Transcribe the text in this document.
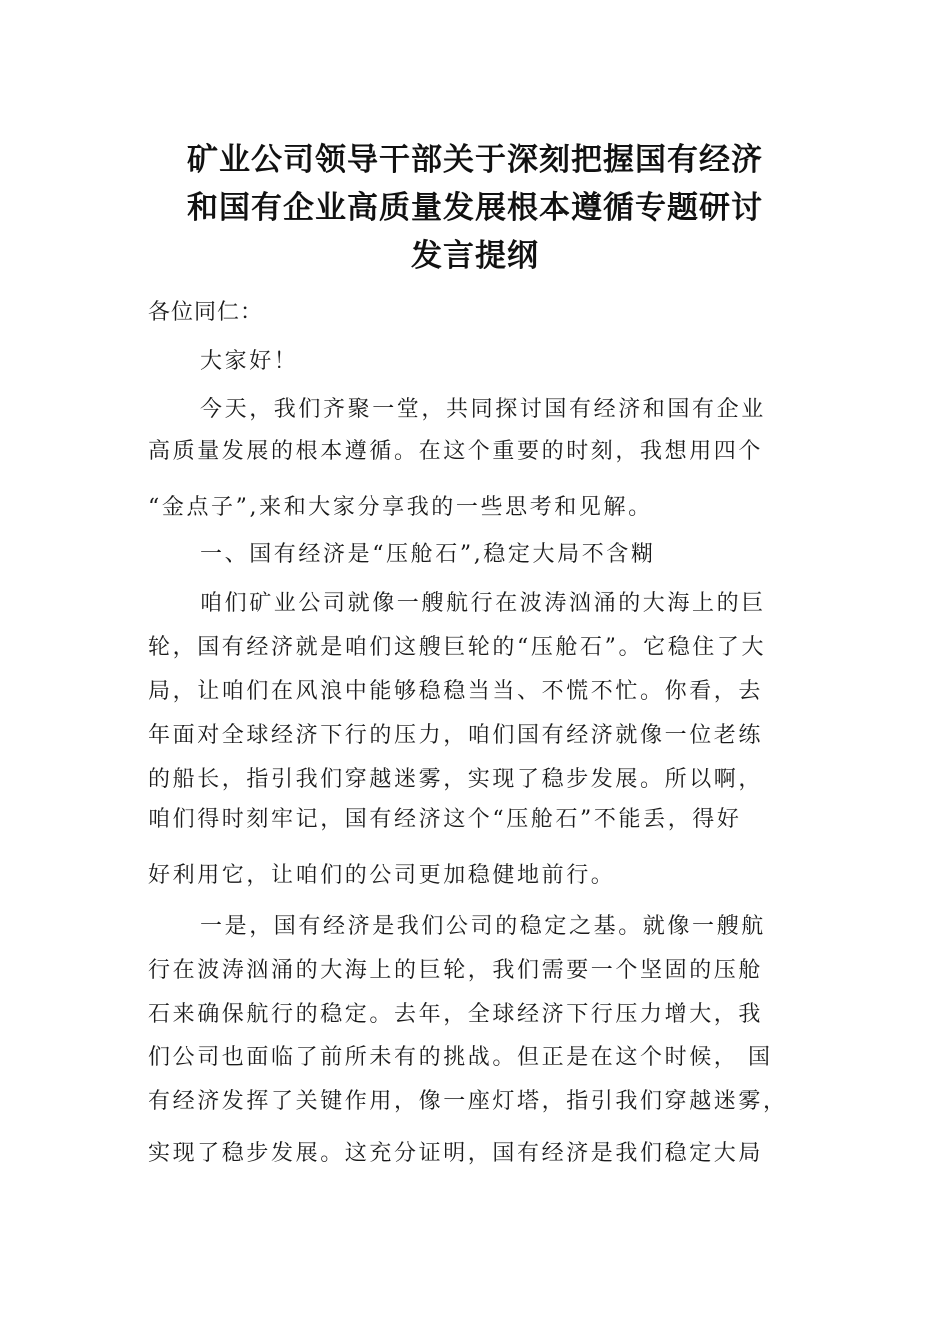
矿业公司领导干部关于深刻把握国有经济
和国有企业高质量发展根本遵循专题研讨
发言提纲
各位同仁：
大家好！
今天，我们齐聚一堂，共同探讨国有经济和国有企业
高质量发展的根本遵循。在这个重要的时刻，我想用四个
“金点子”,来和大家分享我的一些思考和见解。
一、国有经济是“压舱石”,稳定大局不含糊
咱们矿业公司就像一艘航行在波涛汹涌的大海上的巨
轮，国有经济就是咱们这艘巨轮的“压舱石”。它稳住了大
局，让咱们在风浪中能够稳稳当当、不慌不忙。你看，去
年面对全球经济下行的压力，咱们国有经济就像一位老练
的船长，指引我们穿越迷雾，实现了稳步发展。所以啊，
咱们得时刻牢记，国有经济这个“压舱石”不能丢，得好
好利用它，让咱们的公司更加稳健地前行。
一是，国有经济是我们公司的稳定之基。就像一艘航
行在波涛汹涌的大海上的巨轮，我们需要一个坚固的压舱
石来确保航行的稳定。去年，全球经济下行压力增大，我
们公司也面临了前所未有的挑战。但正是在这个时候， 国
有经济发挥了关键作用，像一座灯塔，指引我们穿越迷雾，
实现了稳步发展。这充分证明，国有经济是我们稳定大局
